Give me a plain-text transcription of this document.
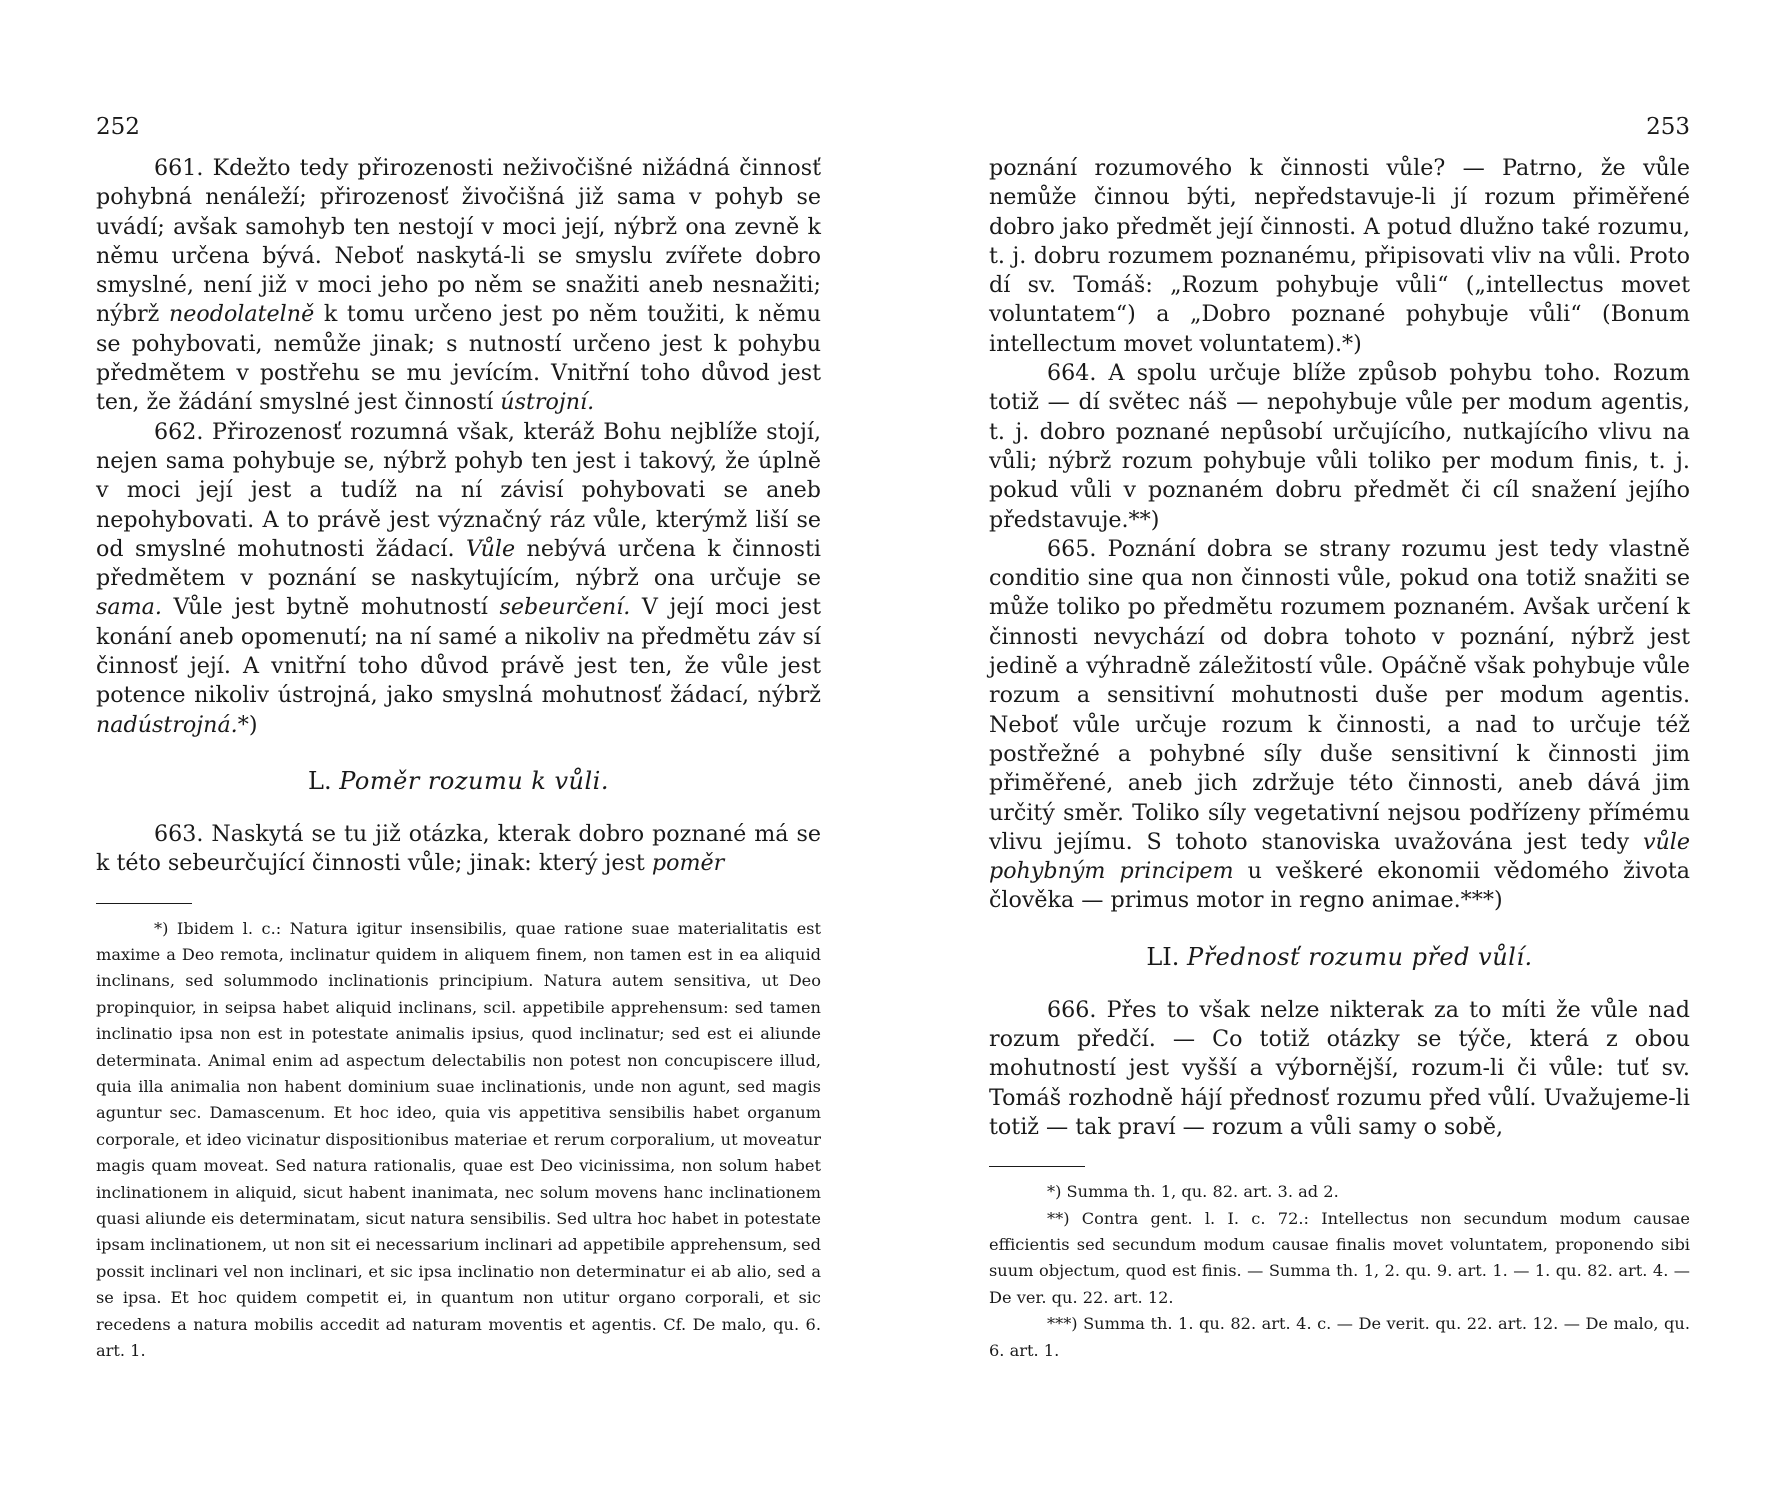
252

661. Kdežto tedy přirozenosti neživočišné nižádná činnosť pohybná nenáleží; přirozenosť živočišná již sama v pohyb se uvádí; avšak samohyb ten nestojí v moci její, nýbrž ona zevně k němu určena bývá. Neboť naskytá-li se smyslu zvířete dobro smyslné, není již v moci jeho po něm se snažiti aneb nesnažiti; nýbrž neodolatelně k tomu určeno jest po něm toužiti, k němu se pohybovati, nemůže jinak; s nutností určeno jest k pohybu předmětem v postřehu se mu jevícím. Vnitřní toho důvod jest ten, že žádání smyslné jest činností ústrojní.

662. Přirozenosť rozumná však, kteráž Bohu nejblíže stojí, nejen sama pohybuje se, nýbrž pohyb ten jest i takový, že úplně v moci její jest a tudíž na ní závisí pohybovati se aneb nepohybovati. A to právě jest význačný ráz vůle, kterýmž liší se od smyslné mohutnosti žádací. Vůle nebývá určena k činnosti předmětem v poznání se naskytujícím, nýbrž ona určuje se sama. Vůle jest bytně mohutností sebeurčení. V její moci jest konání aneb opomenutí; na ní samé a nikoliv na předmětu záv sí činnosť její. A vnitřní toho důvod právě jest ten, že vůle jest potence nikoliv ústrojná, jako smyslná mohutnosť žádací, nýbrž nadústrojná.*)

L. Poměr rozumu k vůli.

663. Naskytá se tu již otázka, kterak dobro poznané má se k této sebeurčující činnosti vůle; jinak: který jest poměr

*) Ibidem l. c.: Natura igitur insensibilis, quae ratione suae materialitatis est maxime a Deo remota, inclinatur quidem in aliquem finem, non tamen est in ea aliquid inclinans, sed solummodo inclinationis principium. Natura autem sensitiva, ut Deo propinquior, in seipsa habet aliquid inclinans, scil. appetibile apprehensum: sed tamen inclinatio ipsa non est in potestate animalis ipsius, quod inclinatur; sed est ei aliunde determinata. Animal enim ad aspectum delectabilis non potest non concupiscere illud, quia illa animalia non habent dominium suae inclinationis, unde non agunt, sed magis aguntur sec. Damascenum. Et hoc ideo, quia vis appetitiva sensibilis habet organum corporale, et ideo vicinatur dispositionibus materiae et rerum corporalium, ut moveatur magis quam moveat. Sed natura rationalis, quae est Deo vicinissima, non solum habet inclinationem in aliquid, sicut habent inanimata, nec solum movens hanc inclinationem quasi aliunde eis determinatam, sicut natura sensibilis. Sed ultra hoc habet in potestate ipsam inclinationem, ut non sit ei necessarium inclinari ad appetibile apprehensum, sed possit inclinari vel non inclinari, et sic ipsa inclinatio non determinatur ei ab alio, sed a se ipsa. Et hoc quidem competit ei, in quantum non utitur organo corporali, et sic recedens a natura mobilis accedit ad naturam moventis et agentis. Cf. De malo, qu. 6. art. 1.

253

poznání rozumového k činnosti vůle? — Patrno, že vůle nemůže činnou býti, nepředstavuje-li jí rozum přiměřené dobro jako předmět její činnosti. A potud dlužno také rozumu, t. j. dobru rozumem poznanému, připisovati vliv na vůli. Proto dí sv. Tomáš: „Rozum pohybuje vůli“ („intellectus movet voluntatem“) a „Dobro poznané pohybuje vůli“ (Bonum intellectum movet voluntatem).*)

664. A spolu určuje blíže způsob pohybu toho. Rozum totiž — dí světec náš — nepohybuje vůle per modum agentis, t. j. dobro poznané nepůsobí určujícího, nutkajícího vlivu na vůli; nýbrž rozum pohybuje vůli toliko per modum finis, t. j. pokud vůli v poznaném dobru předmět či cíl snažení jejího představuje.**)

665. Poznání dobra se strany rozumu jest tedy vlastně conditio sine qua non činnosti vůle, pokud ona totiž snažiti se může toliko po předmětu rozumem poznaném. Avšak určení k činnosti nevychází od dobra tohoto v poznání, nýbrž jest jedině a výhradně záležitostí vůle. Opáčně však pohybuje vůle rozum a sensitivní mohutnosti duše per modum agentis. Neboť vůle určuje rozum k činnosti, a nad to určuje též postřežné a pohybné síly duše sensitivní k činnosti jim přiměřené, aneb jich zdržuje této činnosti, aneb dává jim určitý směr. Toliko síly vegetativní nejsou podřízeny přímému vlivu jejímu. S tohoto stanoviska uvažována jest tedy vůle pohybným principem u veškeré ekonomii vědomého života člověka — primus motor in regno animae.***)

LI. Přednosť rozumu před vůlí.

666. Přes to však nelze nikterak za to míti že vůle nad rozum předčí. — Co totiž otázky se týče, která z obou mohutností jest vyšší a výbornější, rozum-li či vůle: tuť sv. Tomáš rozhodně hájí přednosť rozumu před vůlí. Uvažujeme-li totiž — tak praví — rozum a vůli samy o sobě,

*) Summa th. 1, qu. 82. art. 3. ad 2.

**) Contra gent. l. I. c. 72.: Intellectus non secundum modum causae efficientis sed secundum modum causae finalis movet voluntatem, proponendo sibi suum objectum, quod est finis. — Summa th. 1, 2. qu. 9. art. 1. — 1. qu. 82. art. 4. — De ver. qu. 22. art. 12.

***) Summa th. 1. qu. 82. art. 4. c. — De verit. qu. 22. art. 12. — De malo, qu. 6. art. 1.
